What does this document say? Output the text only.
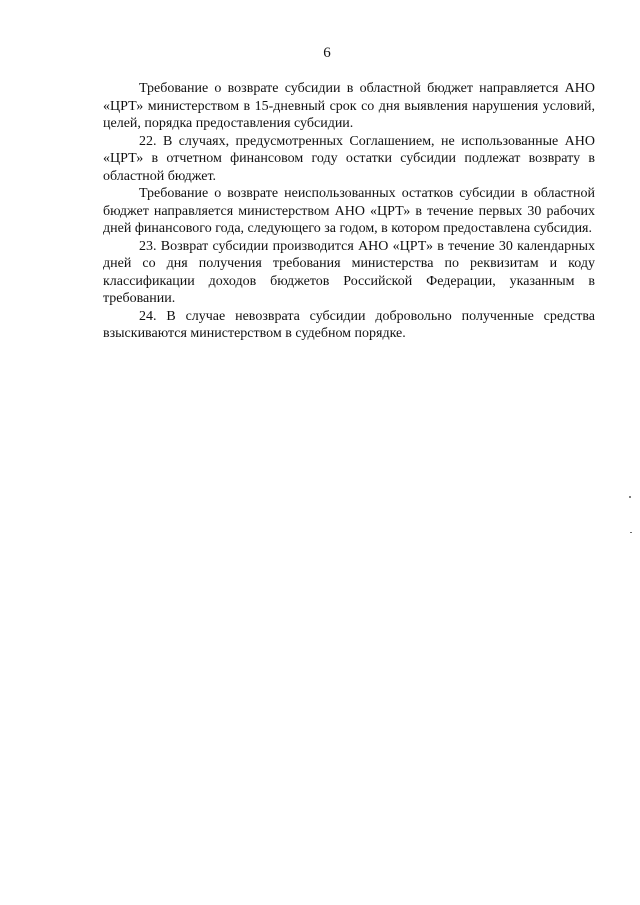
6

Требование о возврате субсидии в областной бюджет направляется АНО «ЦРТ» министерством в 15-дневный срок со дня выявления нарушения условий, целей, порядка предоставления субсидии.

22. В случаях, предусмотренных Соглашением, не использованные АНО «ЦРТ» в отчетном финансовом году остатки субсидии подлежат возврату в областной бюджет.

Требование о возврате неиспользованных остатков субсидии в областной бюджет направляется министерством АНО «ЦРТ» в течение первых 30 рабочих дней финансового года, следующего за годом, в котором предоставлена субсидия.

23. Возврат субсидии производится АНО «ЦРТ» в течение 30 календарных дней со дня получения требования министерства по реквизитам и коду классификации доходов бюджетов Российской Федерации, указанным в требовании.

24. В случае невозврата субсидии добровольно полученные средства взыскиваются министерством в судебном порядке.
